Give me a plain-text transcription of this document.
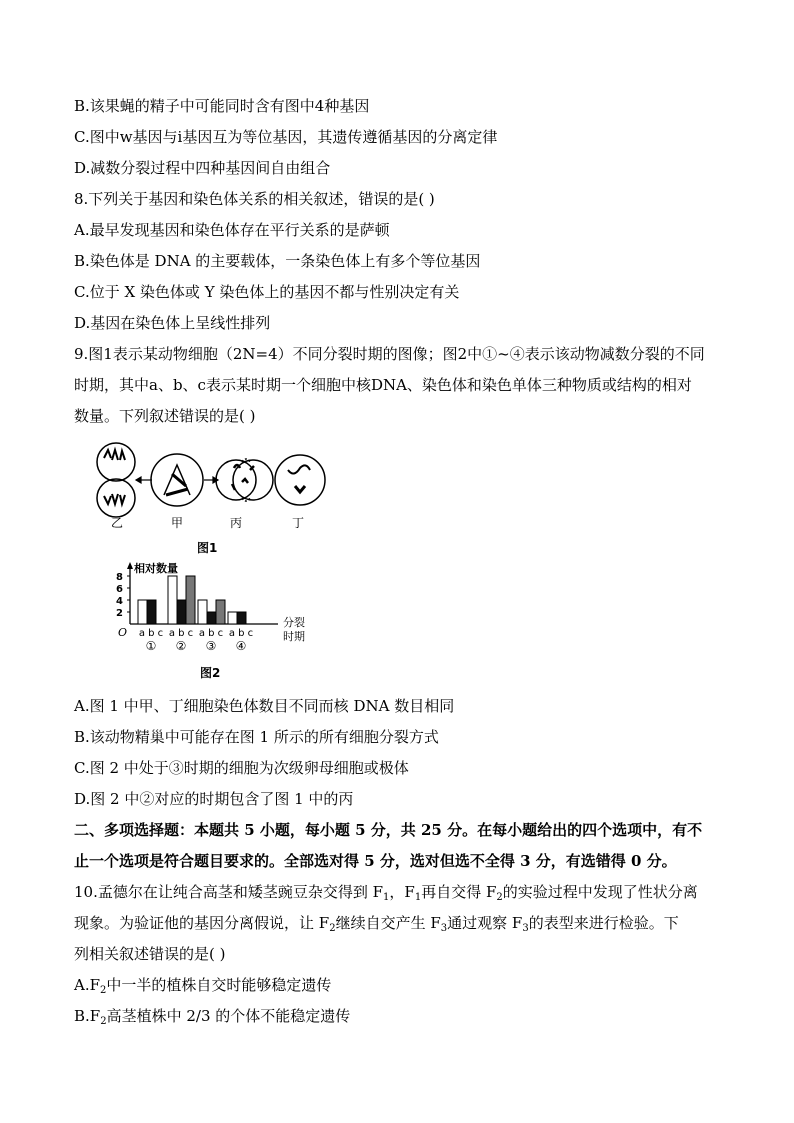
B.该果蝇的精子中可能同时含有图中4种基因
C.图中w基因与i基因互为等位基因，其遗传遵循基因的分离定律
D.减数分裂过程中四种基因间自由组合
8.下列关于基因和染色体关系的相关叙述，错误的是( )
A.最早发现基因和染色体存在平行关系的是萨顿
B.染色体是 DNA 的主要载体，一条染色体上有多个等位基因
C.位于 X 染色体或 Y 染色体上的基因不都与性别决定有关
D.基因在染色体上呈线性排列
9.图1表示某动物细胞（2N=4）不同分裂时期的图像；图2中①~④表示该动物减数分裂的不同
时期，其中a、b、c表示某时期一个细胞中核DNA、染色体和染色单体三种物质或结构的相对
数量。下列叙述错误的是( )
乙	甲	丙	丁
图1
相对数量
O
8
6
4
2
a b c
①
a b c
②
a b c
③
a b c
④
分裂
时期
图2
A.图 1 中甲、丁细胞染色体数目不同而核 DNA 数目相同
B.该动物精巢中可能存在图 1 所示的所有细胞分裂方式
C.图 2 中处于③时期的细胞为次级卵母细胞或极体
D.图 2 中②对应的时期包含了图 1 中的丙
二、多项选择题：本题共 5 小题，每小题 5 分，共 25 分。在每小题给出的四个选项中，有不
止一个选项是符合题目要求的。全部选对得 5 分，选对但选不全得 3 分，有选错得 0 分。
10.孟德尔在让纯合高茎和矮茎豌豆杂交得到 $F_1$，$F_1$再自交得 $F_2$的实验过程中发现了性状分离
现象。为验证他的基因分离假说，让 $F_2$继续自交产生 $F_3$通过观察 $F_3$的表型来进行检验。下
列相关叙述错误的是( )
$A.F_2$中一半的植株自交时能够稳定遗传
$B.F_2$高茎植株中 2/3 的个体不能稳定遗传
